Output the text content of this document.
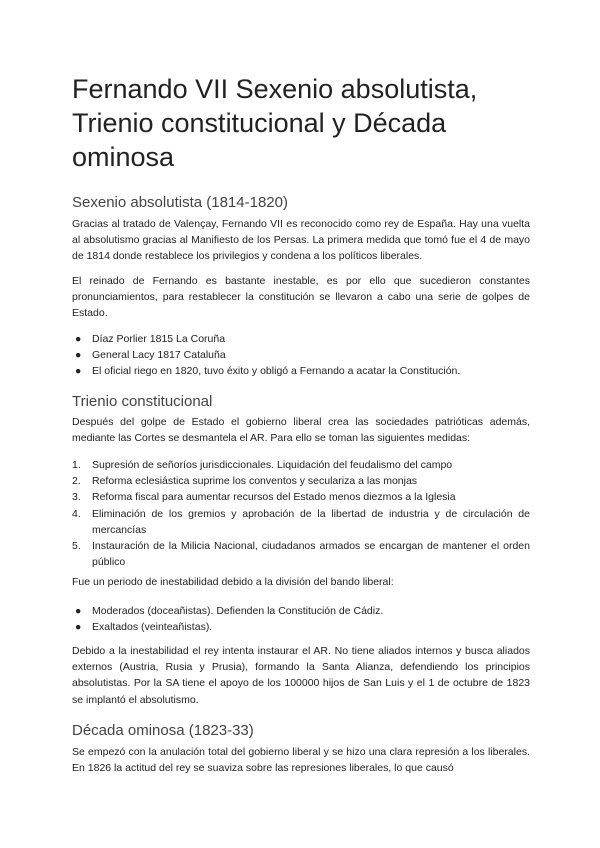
Fernando VII Sexenio absolutista, Trienio constitucional y Década ominosa
Sexenio absolutista (1814-1820)

Gracias al tratado de Valençay, Fernando VII es reconocido como rey de España. Hay una vuelta al absolutismo gracias al Manifiesto de los Persas. La primera medida que tomó fue el 4 de mayo de 1814 donde restablece los privilegios y condena a los políticos liberales.

El reinado de Fernando es bastante inestable, es por ello que sucedieron constantes pronunciamientos, para restablecer la constitución se llevaron a cabo una serie de golpes de Estado.

● Díaz Porlier 1815 La Coruña
● General Lacy 1817 Cataluña
● El oficial riego en 1820, tuvo éxito y obligó a Fernando a acatar la Constitución.
Trienio constitucional

Después del golpe de Estado el gobierno liberal crea las sociedades patrióticas además, mediante las Cortes se desmantela el AR. Para ello se toman las siguientes medidas:

1. Supresión de señoríos jurisdiccionales. Liquidación del feudalismo del campo
2. Reforma eclesiástica suprime los conventos y seculariza a las monjas
3. Reforma fiscal para aumentar recursos del Estado menos diezmos a la Iglesia
4. Eliminación de los gremios y aprobación de la libertad de industria y de circulación de mercancías
5. Instauración de la Milicia Nacional, ciudadanos armados se encargan de mantener el orden público

Fue un periodo de inestabilidad debido a la división del bando liberal:

● Moderados (doceañistas). Defienden la Constitución de Cádiz.
● Exaltados (veinteañistas).

Debido a la inestabilidad el rey intenta instaurar el AR. No tiene aliados internos y busca aliados externos (Austria, Rusia y Prusia), formando la Santa Alianza, defendiendo los principios absolutistas. Por la SA tiene el apoyo de los 100000 hijos de San Luis y el 1 de octubre de 1823 se implantó el absolutismo.

Década ominosa (1823-33)

Se empezó con la anulación total del gobierno liberal y se hizo una clara represión a los liberales. En 1826 la actitud del rey se suaviza sobre las represiones liberales, lo que causó
